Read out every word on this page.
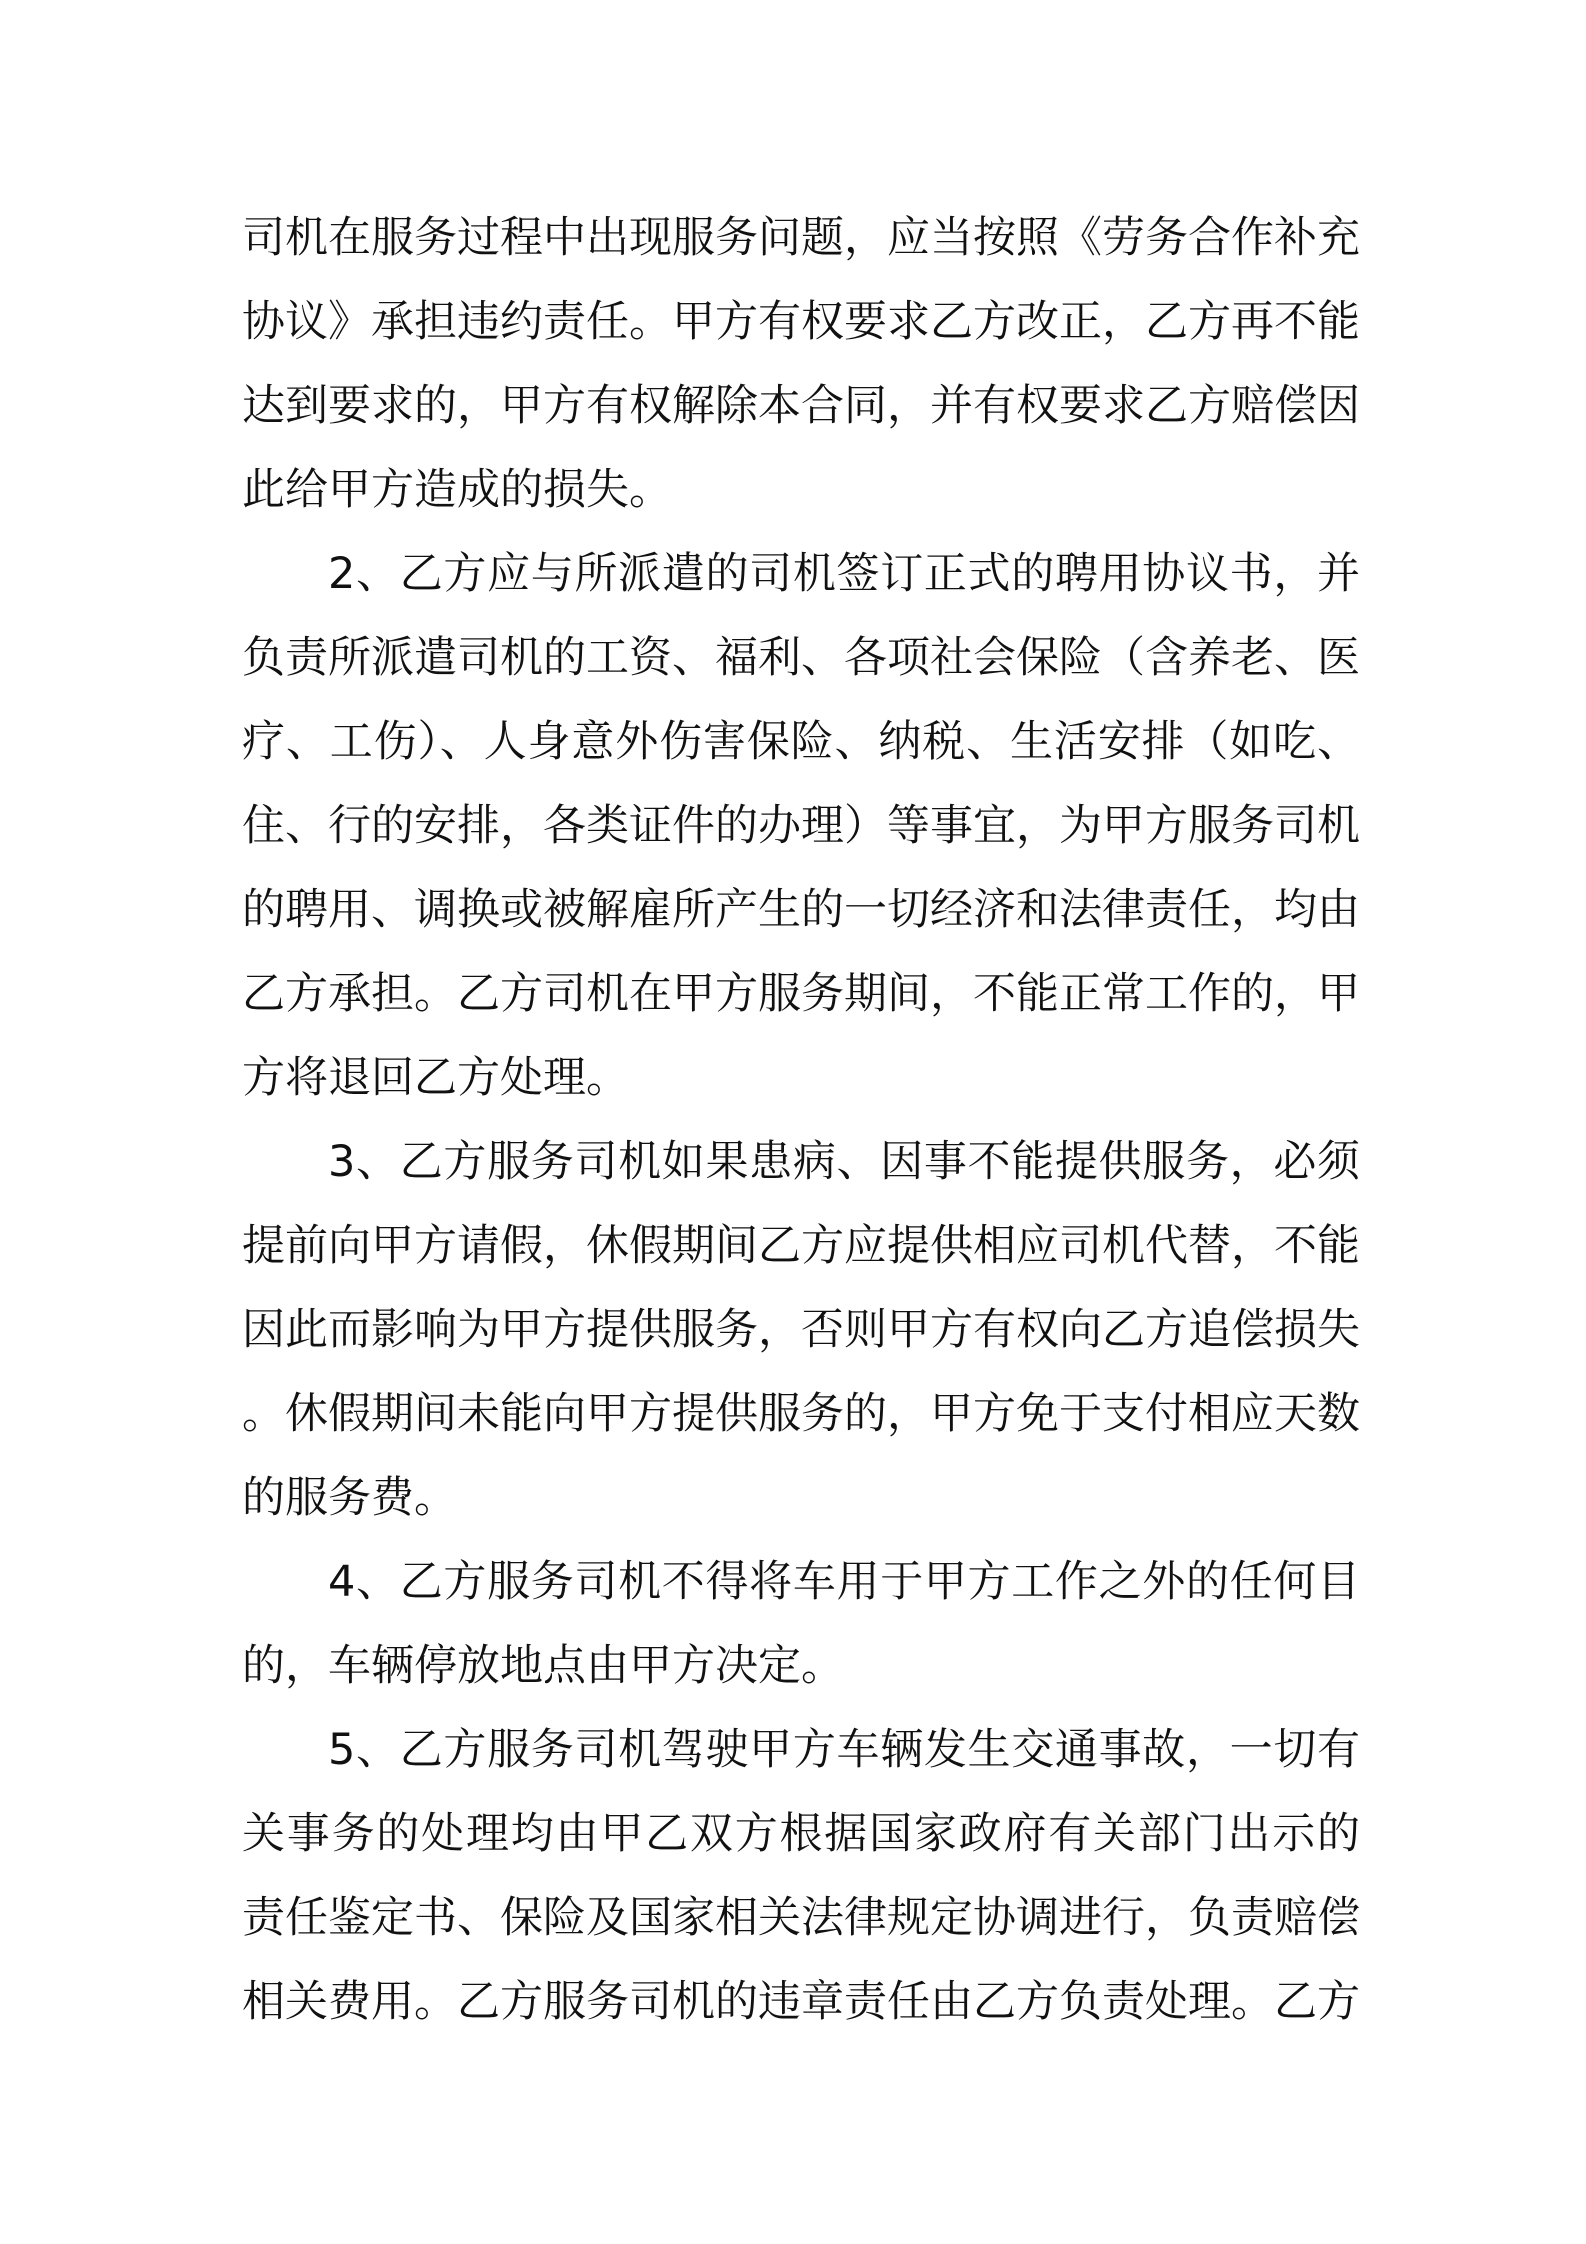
司机在服务过程中出现服务问题，应当按照《劳务合作补充
协议》承担违约责任。甲方有权要求乙方改正，乙方再不能
达到要求的，甲方有权解除本合同，并有权要求乙方赔偿因
此给甲方造成的损失。
2、乙方应与所派遣的司机签订正式的聘用协议书，并
负责所派遣司机的工资、福利、各项社会保险（含养老、医
疗、工伤）、人身意外伤害保险、纳税、生活安排（如吃、
住、行的安排，各类证件的办理）等事宜，为甲方服务司机
的聘用、调换或被解雇所产生的一切经济和法律责任，均由
乙方承担。乙方司机在甲方服务期间，不能正常工作的，甲
方将退回乙方处理。
3、乙方服务司机如果患病、因事不能提供服务，必须
提前向甲方请假，休假期间乙方应提供相应司机代替，不能
因此而影响为甲方提供服务，否则甲方有权向乙方追偿损失
。休假期间未能向甲方提供服务的，甲方免于支付相应天数
的服务费。
4、乙方服务司机不得将车用于甲方工作之外的任何目
的，车辆停放地点由甲方决定。
5、乙方服务司机驾驶甲方车辆发生交通事故，一切有
关事务的处理均由甲乙双方根据国家政府有关部门出示的
责任鉴定书、保险及国家相关法律规定协调进行，负责赔偿
相关费用。乙方服务司机的违章责任由乙方负责处理。乙方
